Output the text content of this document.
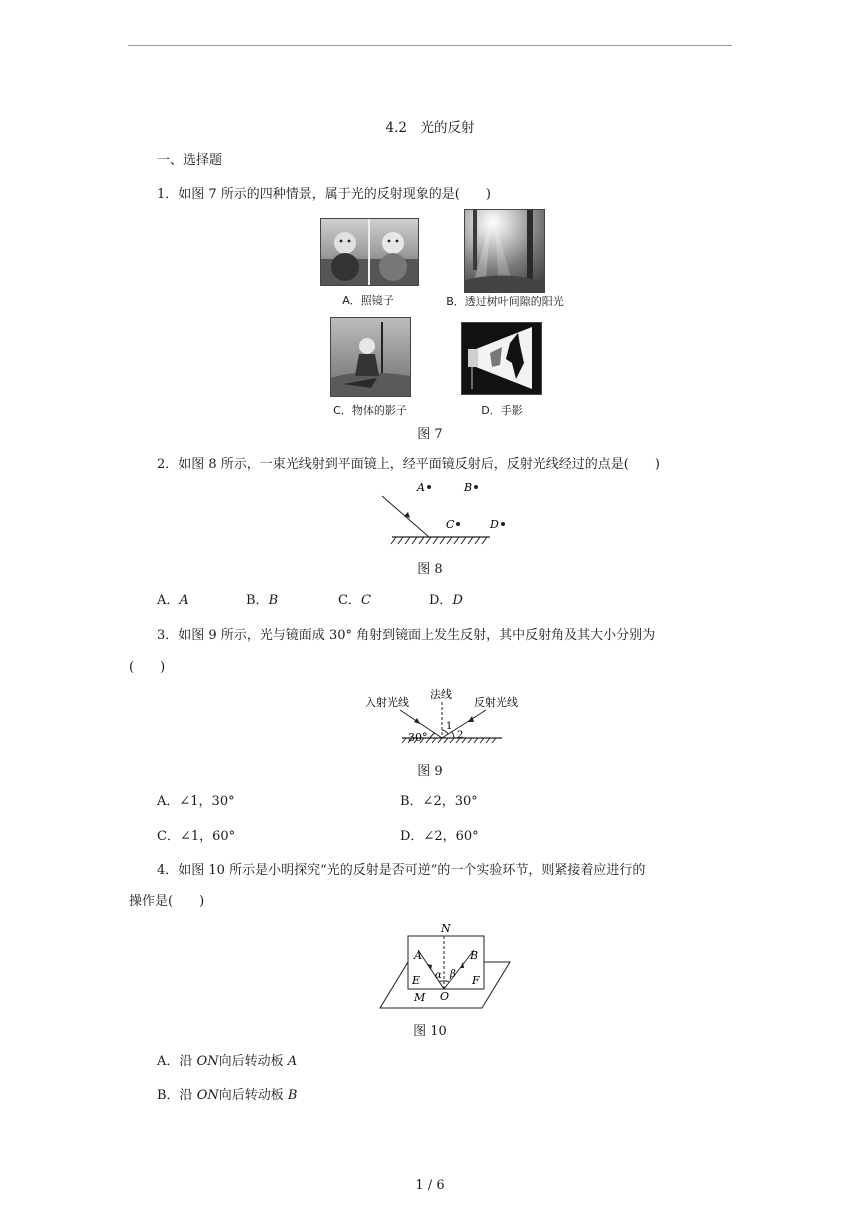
4.2　光的反射
一、选择题
1．如图 7 所示的四种情景，属于光的反射现象的是(　　)
A．照镜子	B．透过树叶间隙的阳光
C．物体的影子	D．手影
图 7
2．如图 8 所示，一束光线射到平面镜上，经平面镜反射后，反射光线经过的点是(　　)
A	B
C	D
图 8
A．A	B．B	C．C	D．D
3．如图 9 所示，光与镜面成 30° 角射到镜面上发生反射，其中反射角及其大小分别为
(　　)
入射光线
法线
反射光线
30°
1
2
图 9
A．∠1，30°	B．∠2，30°
C．∠1，60°	D．∠2，60°
4．如图 10 所示是小明探究“光的反射是否可逆”的一个实验环节，则紧接着应进行的
操作是(　　)
N
A	B
α β
E	F
O
M
图 10
A．沿 ON向后转动板 A
B．沿 ON向后转动板 B
1 / 6
